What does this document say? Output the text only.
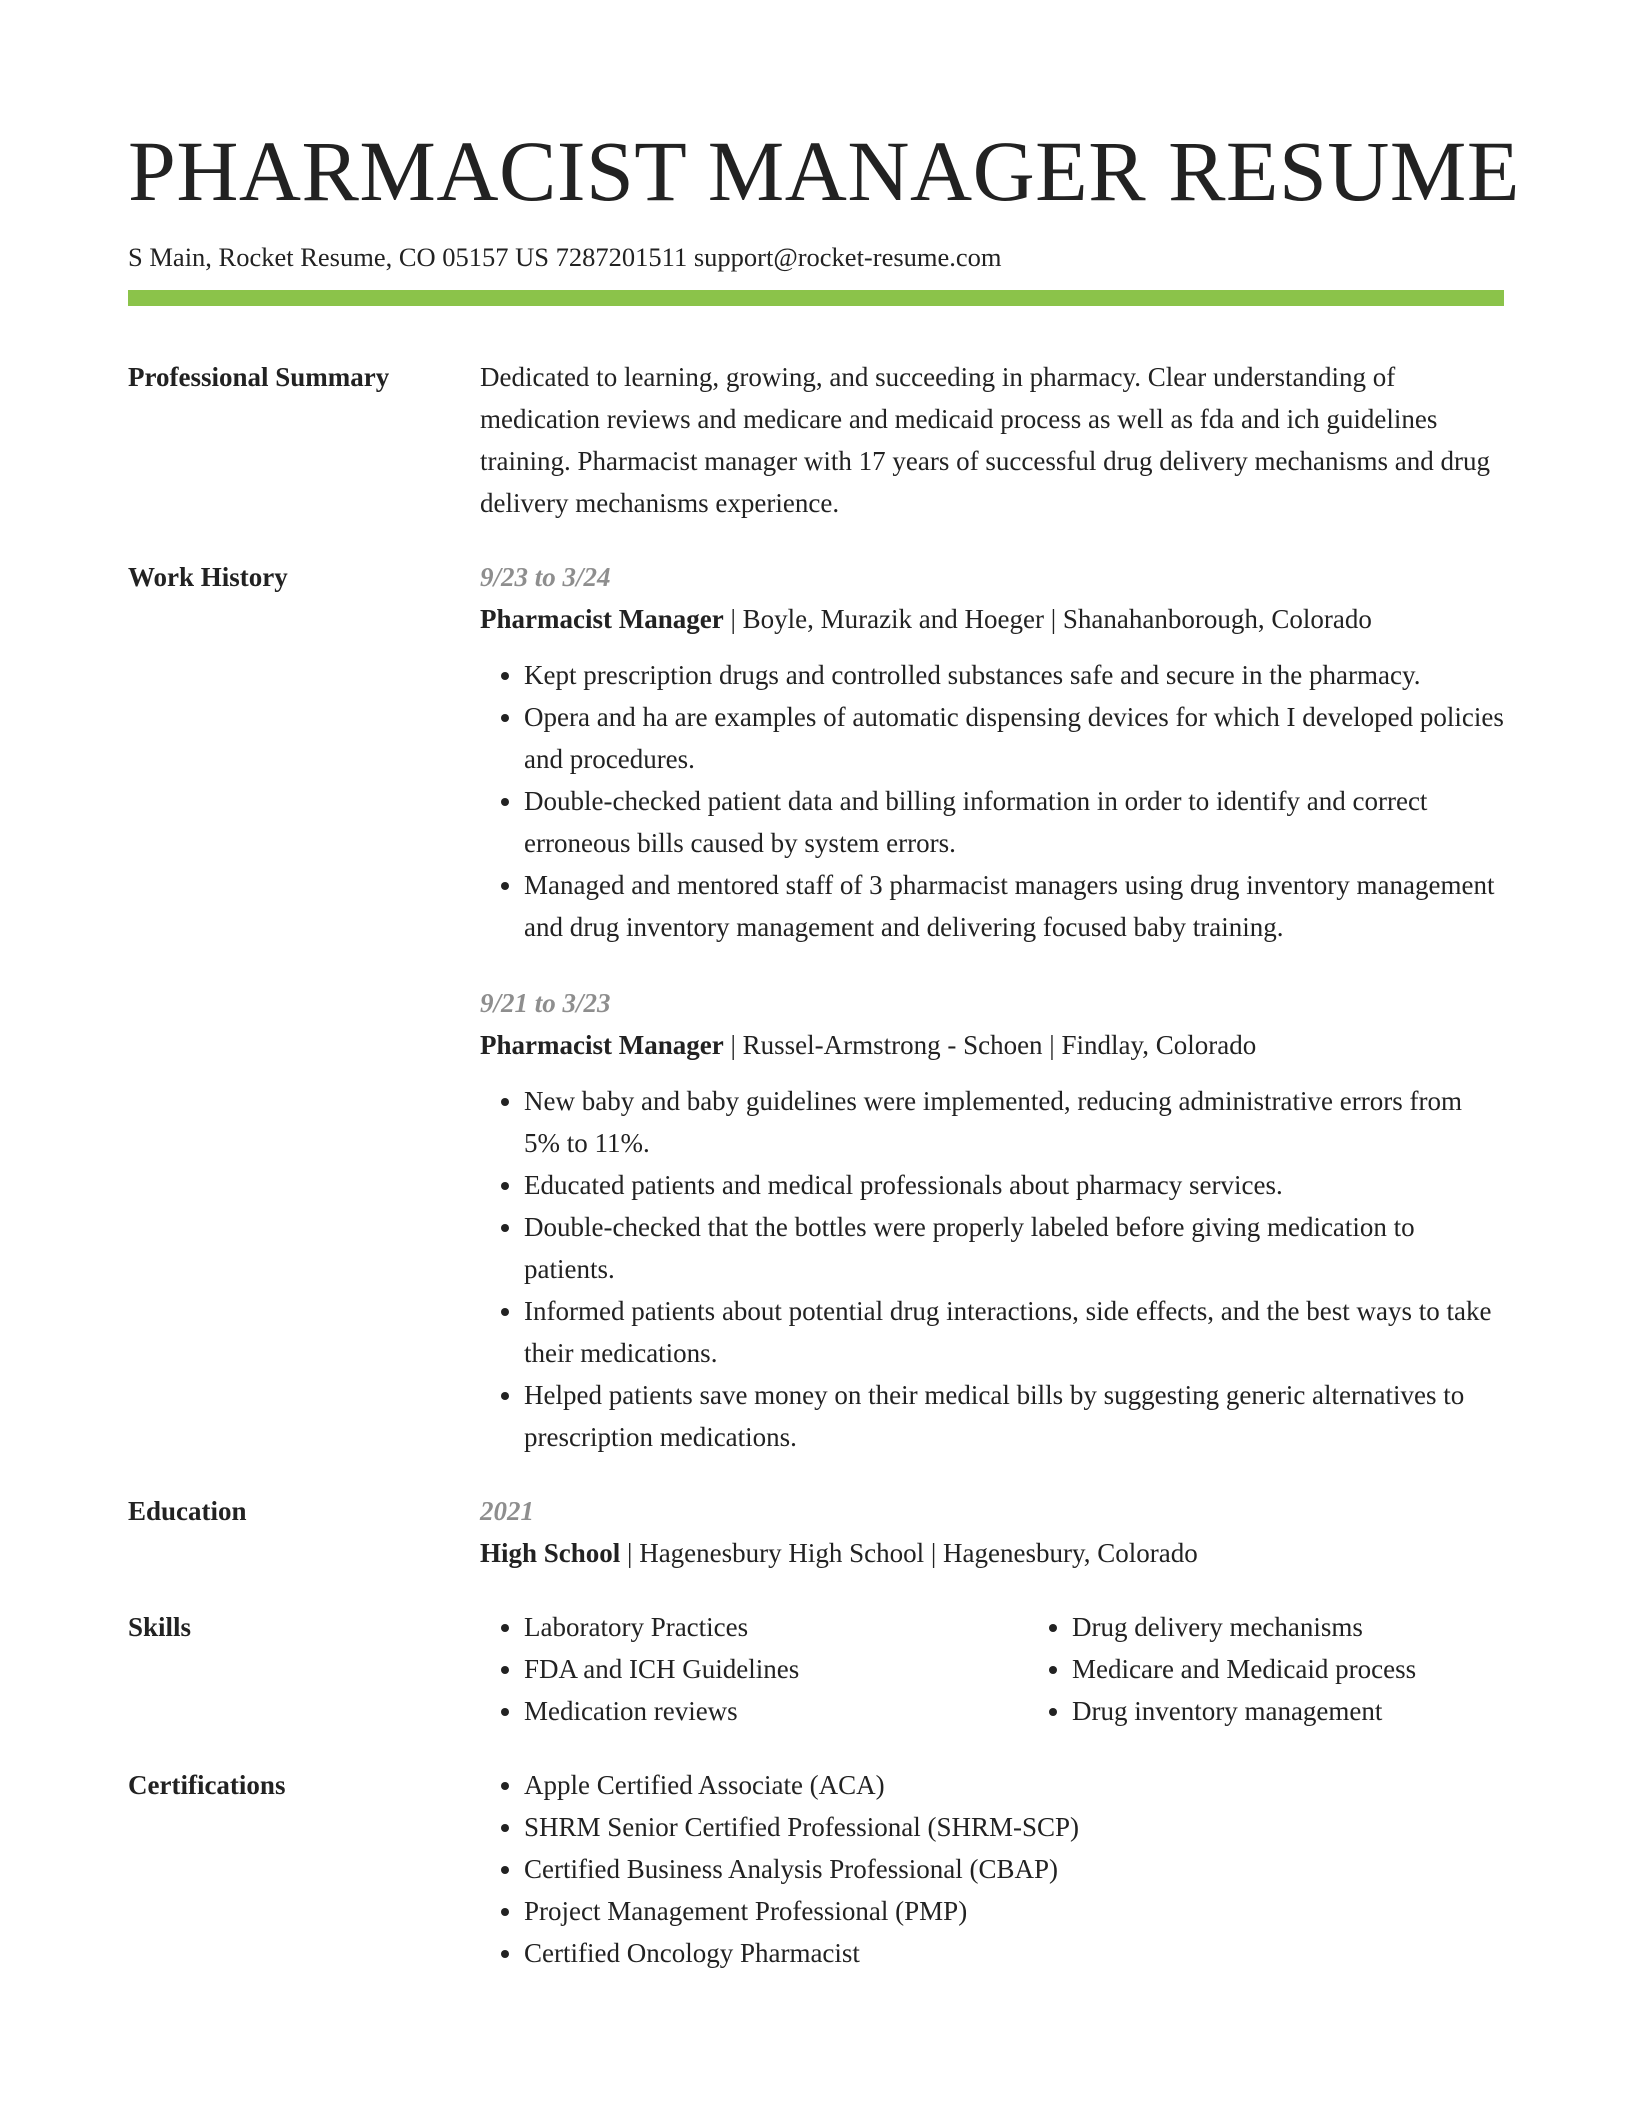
PHARMACIST MANAGER RESUME
S Main, Rocket Resume, CO 05157 US 7287201511 support@rocket-resume.com
Professional Summary	Dedicated to learning, growing, and succeeding in pharmacy. Clear understanding of medication reviews and medicare and medicaid process as well as fda and ich guidelines training. Pharmacist manager with 17 years of successful drug delivery mechanisms and drug delivery mechanisms experience.
Work History	9/23 to 3/24
Pharmacist Manager | Boyle, Murazik and Hoeger | Shanahanborough, Colorado
• Kept prescription drugs and controlled substances safe and secure in the pharmacy.
• Opera and ha are examples of automatic dispensing devices for which I developed policies and procedures.
• Double-checked patient data and billing information in order to identify and correct erroneous bills caused by system errors.
• Managed and mentored staff of 3 pharmacist managers using drug inventory management and drug inventory management and delivering focused baby training.
9/21 to 3/23
Pharmacist Manager | Russel-Armstrong - Schoen | Findlay, Colorado
• New baby and baby guidelines were implemented, reducing administrative errors from 5% to 11%.
• Educated patients and medical professionals about pharmacy services.
• Double-checked that the bottles were properly labeled before giving medication to patients.
• Informed patients about potential drug interactions, side effects, and the best ways to take their medications.
• Helped patients save money on their medical bills by suggesting generic alternatives to prescription medications.
Education	2021
High School | Hagenesbury High School | Hagenesbury, Colorado
Skills	• Laboratory Practices
• FDA and ICH Guidelines
• Medication reviews
• Drug delivery mechanisms
• Medicare and Medicaid process
• Drug inventory management
Certifications	• Apple Certified Associate (ACA)
• SHRM Senior Certified Professional (SHRM-SCP)
• Certified Business Analysis Professional (CBAP)
• Project Management Professional (PMP)
• Certified Oncology Pharmacist
